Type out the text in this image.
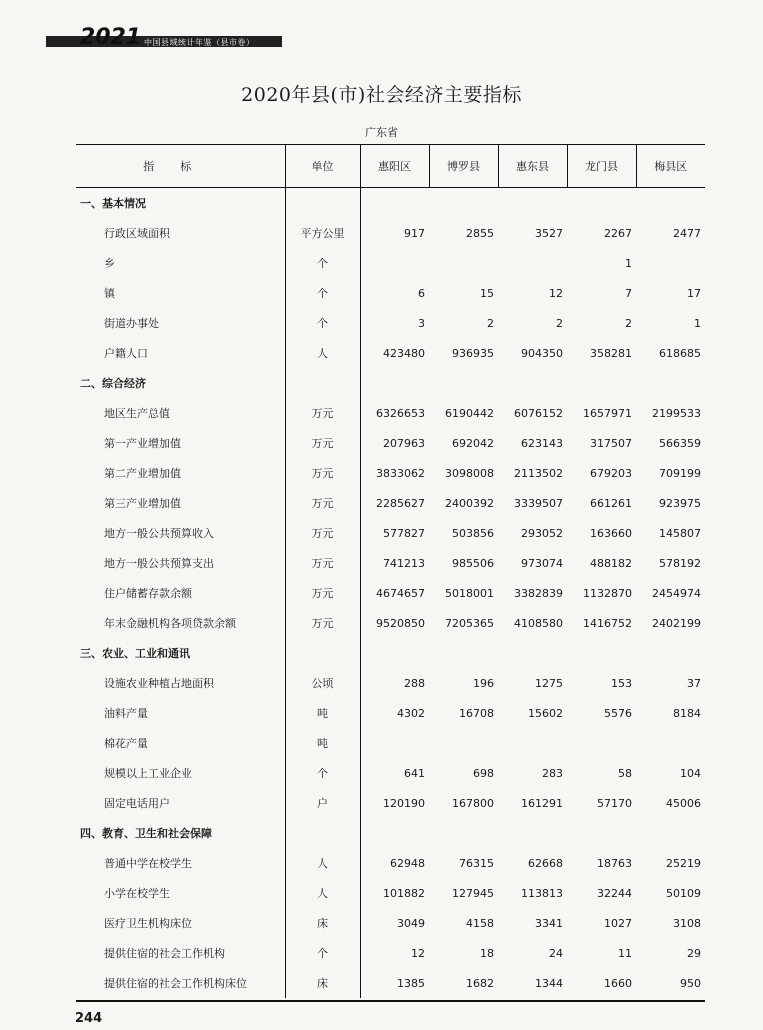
2021 中国县域统计年鉴（县市卷）
2020年县(市)社会经济主要指标
广东省
指标	单位	惠阳区	博罗县	惠东县	龙门县	梅县区
一、基本情况						
行政区域面积	平方公里	917	2855	3527	2267	2477
乡	个				1	
镇	个	6	15	12	7	17
街道办事处	个	3	2	2	2	1
户籍人口	人	423480	936935	904350	358281	618685
二、综合经济						
地区生产总值	万元	6326653	6190442	6076152	1657971	2199533
第一产业增加值	万元	207963	692042	623143	317507	566359
第二产业增加值	万元	3833062	3098008	2113502	679203	709199
第三产业增加值	万元	2285627	2400392	3339507	661261	923975
地方一般公共预算收入	万元	577827	503856	293052	163660	145807
地方一般公共预算支出	万元	741213	985506	973074	488182	578192
住户储蓄存款余额	万元	4674657	5018001	3382839	1132870	2454974
年末金融机构各项贷款余额	万元	9520850	7205365	4108580	1416752	2402199
三、农业、工业和通讯						
设施农业种植占地面积	公顷	288	196	1275	153	37
油料产量	吨	4302	16708	15602	5576	8184
棉花产量	吨					
规模以上工业企业	个	641	698	283	58	104
固定电话用户	户	120190	167800	161291	57170	45006
四、教育、卫生和社会保障						
普通中学在校学生	人	62948	76315	62668	18763	25219
小学在校学生	人	101882	127945	113813	32244	50109
医疗卫生机构床位	床	3049	4158	3341	1027	3108
提供住宿的社会工作机构	个	12	18	24	11	29
提供住宿的社会工作机构床位	床	1385	1682	1344	1660	950
244
